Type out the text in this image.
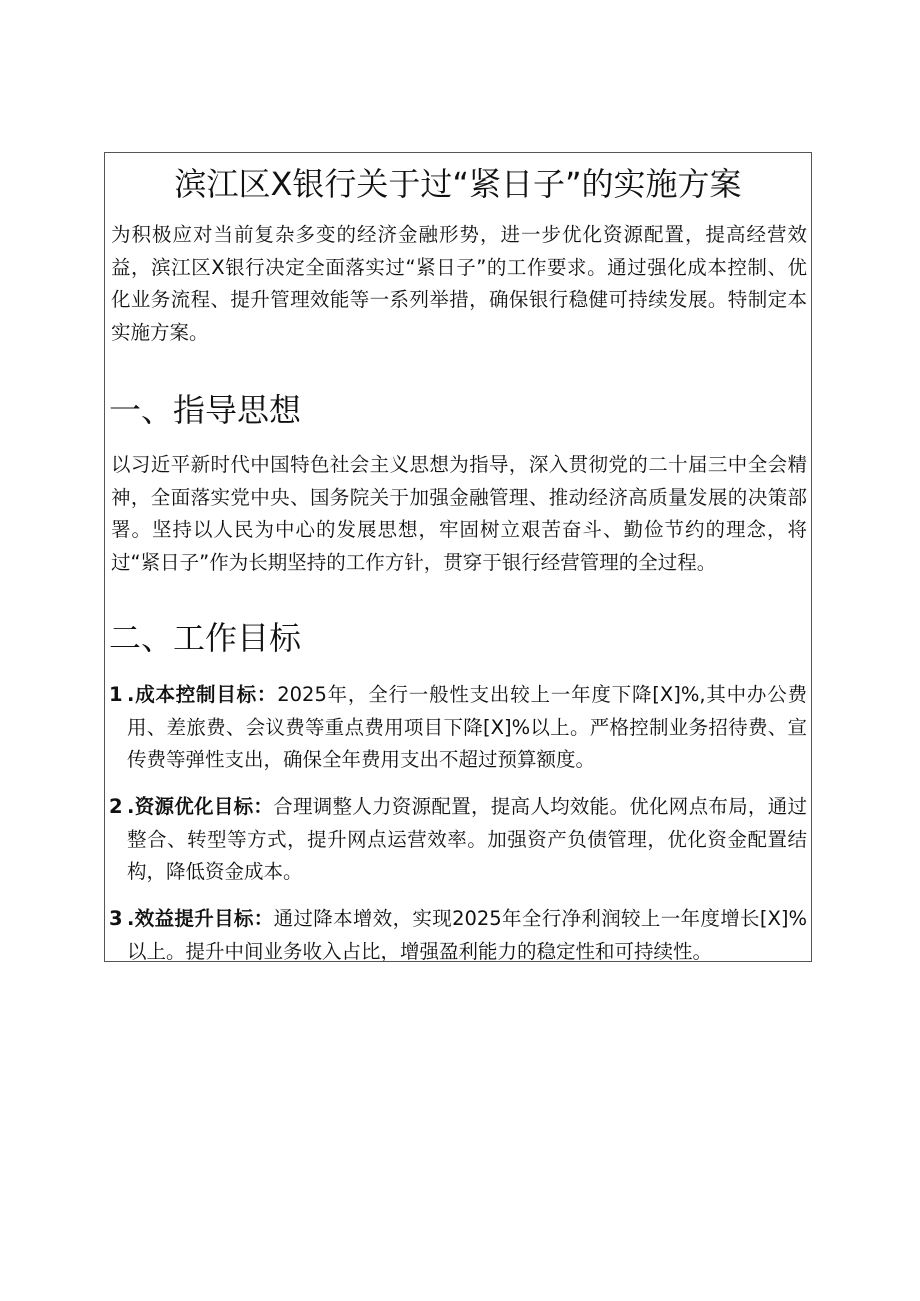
滨江区X银行关于过“紧日子”的实施方案

为积极应对当前复杂多变的经济金融形势，进一步优化资源配置，提高经营效益，滨江区X银行决定全面落实过“紧日子”的工作要求。通过强化成本控制、优化业务流程、提升管理效能等一系列举措，确保银行稳健可持续发展。特制定本实施方案。

一、指导思想

以习近平新时代中国特色社会主义思想为指导，深入贯彻党的二十届三中全会精神，全面落实党中央、国务院关于加强金融管理、推动经济高质量发展的决策部署。坚持以人民为中心的发展思想，牢固树立艰苦奋斗、勤俭节约的理念，将过“紧日子”作为长期坚持的工作方针，贯穿于银行经营管理的全过程。

二、工作目标
1 .成本控制目标：2025年，全行一般性支出较上一年度下降[X]%,其中办公费用、差旅费、会议费等重点费用项目下降[X]%以上。严格控制业务招待费、宣传费等弹性支出，确保全年费用支出不超过预算额度。
2 .资源优化目标：合理调整人力资源配置，提高人均效能。优化网点布局，通过整合、转型等方式，提升网点运营效率。加强资产负债管理，优化资金配置结构，降低资金成本。
3 .效益提升目标：通过降本增效，实现2025年全行净利润较上一年度增长[X]%以上。提升中间业务收入占比，增强盈利能力的稳定性和可持续性。
